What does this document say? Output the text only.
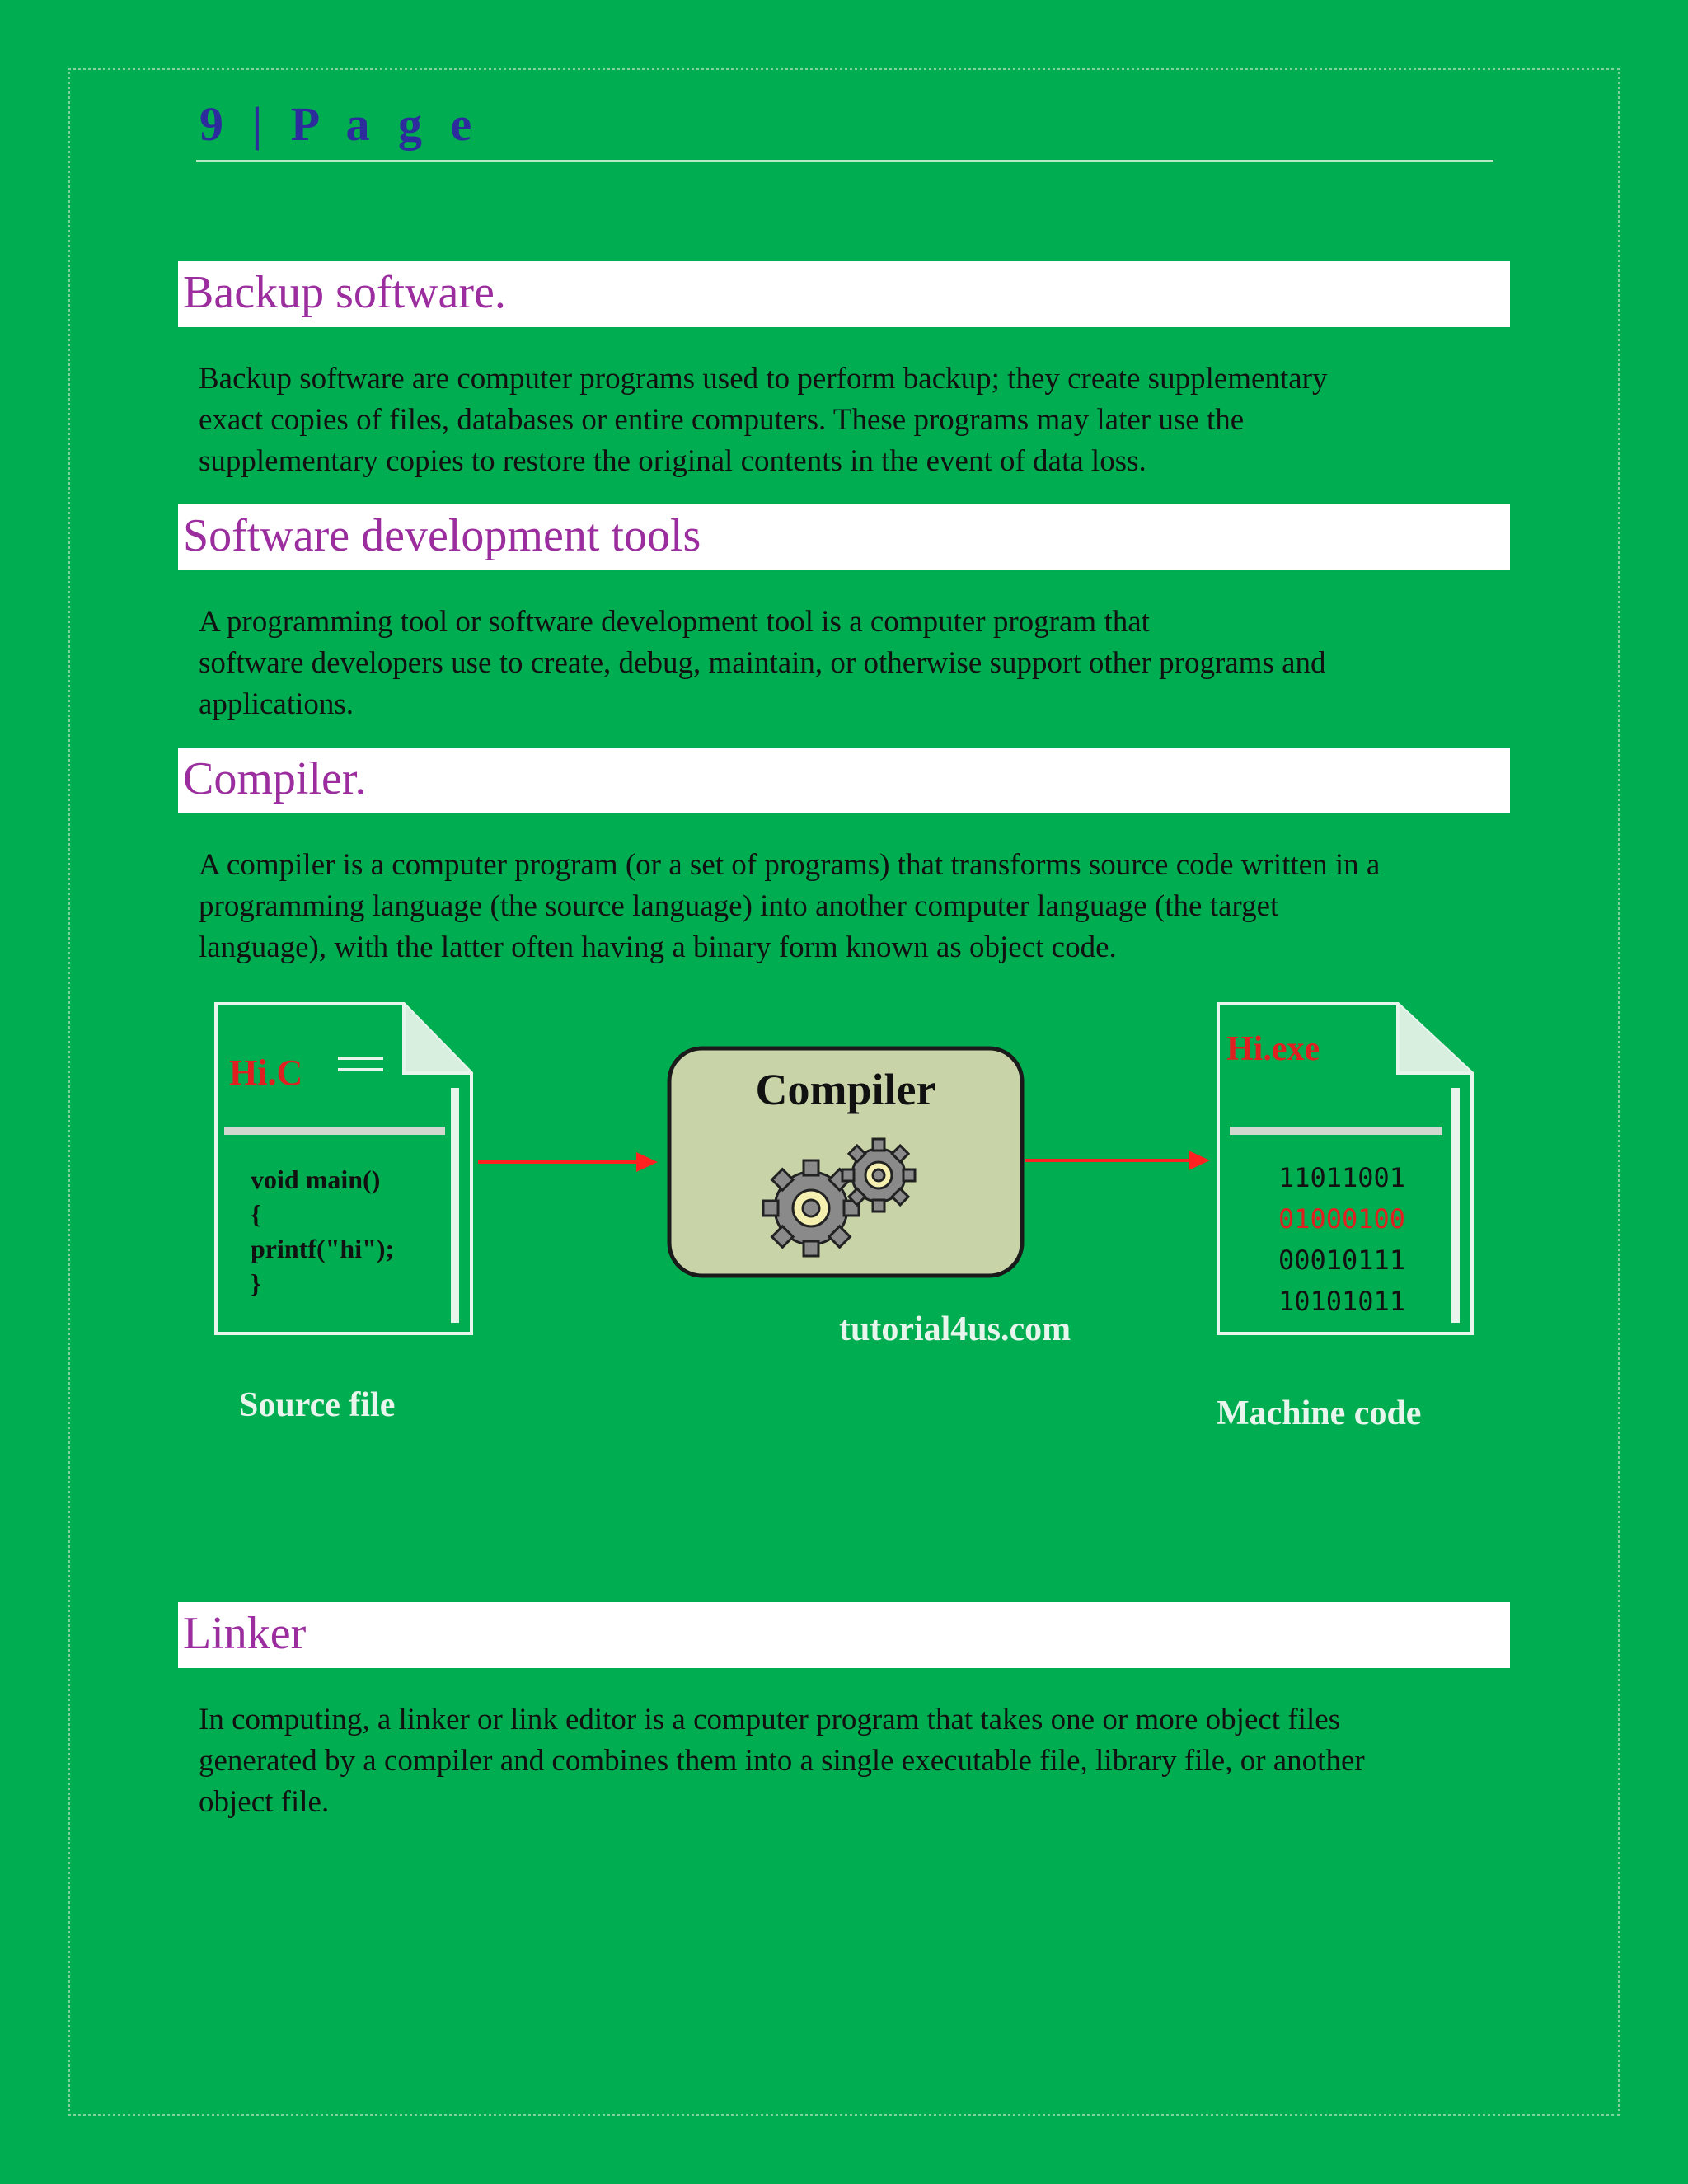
9 | P a g e
Backup software.
Backup software are computer programs used to perform backup; they create supplementary
exact copies of files, databases or entire computers. These programs may later use the
supplementary copies to restore the original contents in the event of data loss.
Software development tools
A programming tool or software development tool is a computer program that
software developers use to create, debug, maintain, or otherwise support other programs and
applications.
Compiler.
A compiler is a computer program (or a set of programs) that transforms source code written in a
programming language (the source language) into another computer language (the target
language), with the latter often having a binary form known as object code.
Hi.C
void main()
{
printf("hi");
}
Compiler
Hi.exe
11011001
01000100
00010111
10101011
tutorial4us.com
Source file	Machine code
Linker
In computing, a linker or link editor is a computer program that takes one or more object files
generated by a compiler and combines them into a single executable file, library file, or another
object file.
